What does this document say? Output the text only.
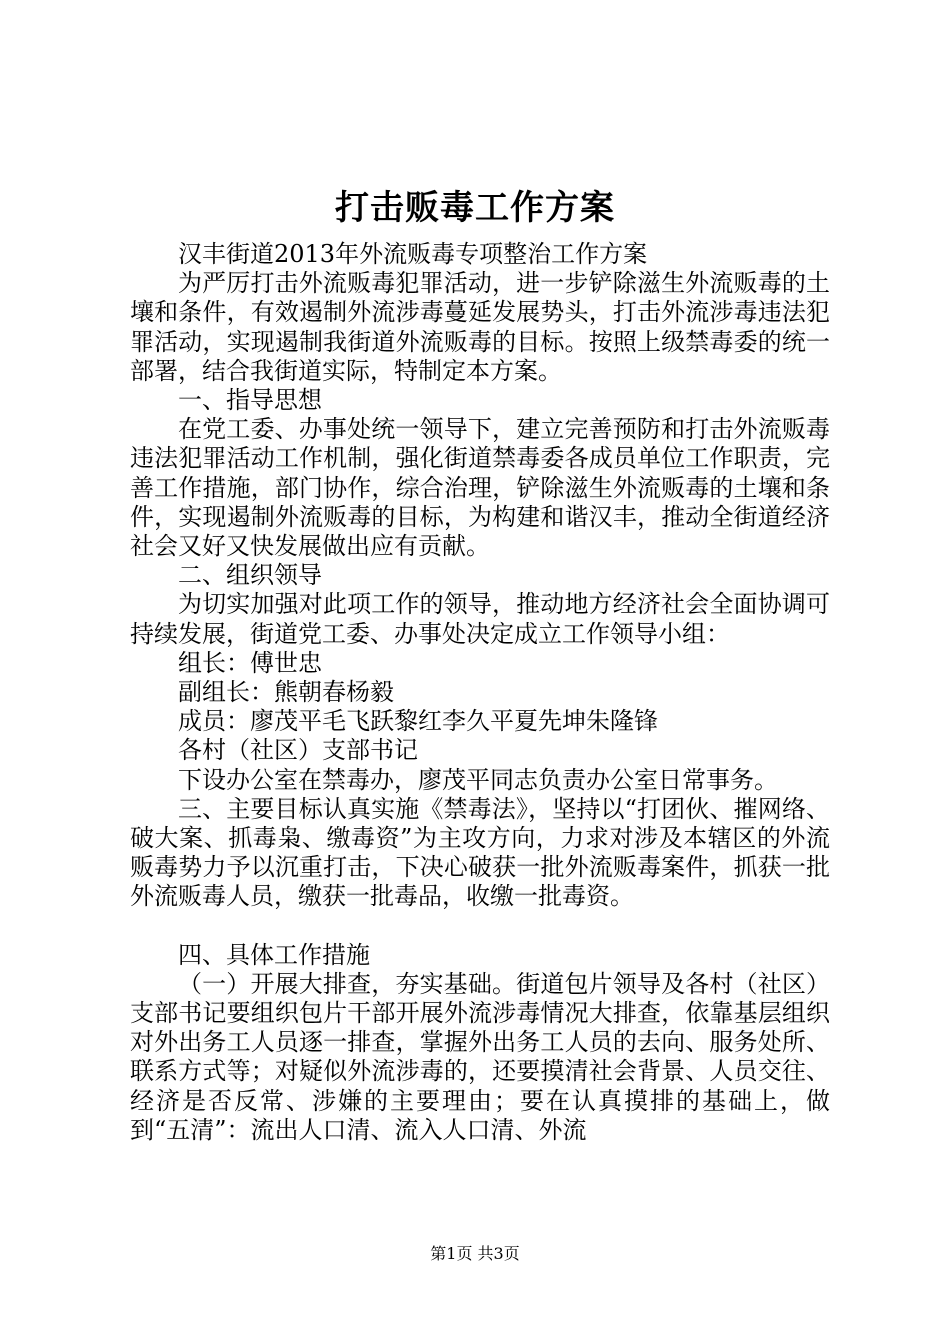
打击贩毒工作方案
汉丰街道2013年外流贩毒专项整治工作方案
为严厉打击外流贩毒犯罪活动，进一步铲除滋生外流贩毒的土壤和条件，有效遏制外流涉毒蔓延发展势头，打击外流涉毒违法犯罪活动，实现遏制我街道外流贩毒的目标。按照上级禁毒委的统一部署，结合我街道实际，特制定本方案。
一、指导思想
在党工委、办事处统一领导下，建立完善预防和打击外流贩毒违法犯罪活动工作机制，强化街道禁毒委各成员单位工作职责，完善工作措施，部门协作，综合治理，铲除滋生外流贩毒的土壤和条件，实现遏制外流贩毒的目标，为构建和谐汉丰，推动全街道经济社会又好又快发展做出应有贡献。
二、组织领导
为切实加强对此项工作的领导，推动地方经济社会全面协调可持续发展，街道党工委、办事处决定成立工作领导小组：
组长：傅世忠
副组长：熊朝春杨毅
成员：廖茂平毛飞跃黎红李久平夏先坤朱隆锋
各村（社区）支部书记
下设办公室在禁毒办，廖茂平同志负责办公室日常事务。
三、主要目标认真实施《禁毒法》，坚持以“打团伙、摧网络、破大案、抓毒枭、缴毒资”为主攻方向，力求对涉及本辖区的外流贩毒势力予以沉重打击，下决心破获一批外流贩毒案件，抓获一批外流贩毒人员，缴获一批毒品，收缴一批毒资。
四、具体工作措施
（一）开展大排查，夯实基础。街道包片领导及各村（社区）支部书记要组织包片干部开展外流涉毒情况大排查，依靠基层组织对外出务工人员逐一排查，掌握外出务工人员的去向、服务处所、联系方式等；对疑似外流涉毒的，还要摸清社会背景、人员交往、经济是否反常、涉嫌的主要理由；要在认真摸排的基础上，做到“五清”：流出人口清、流入人口清、外流
第1页 共3页
